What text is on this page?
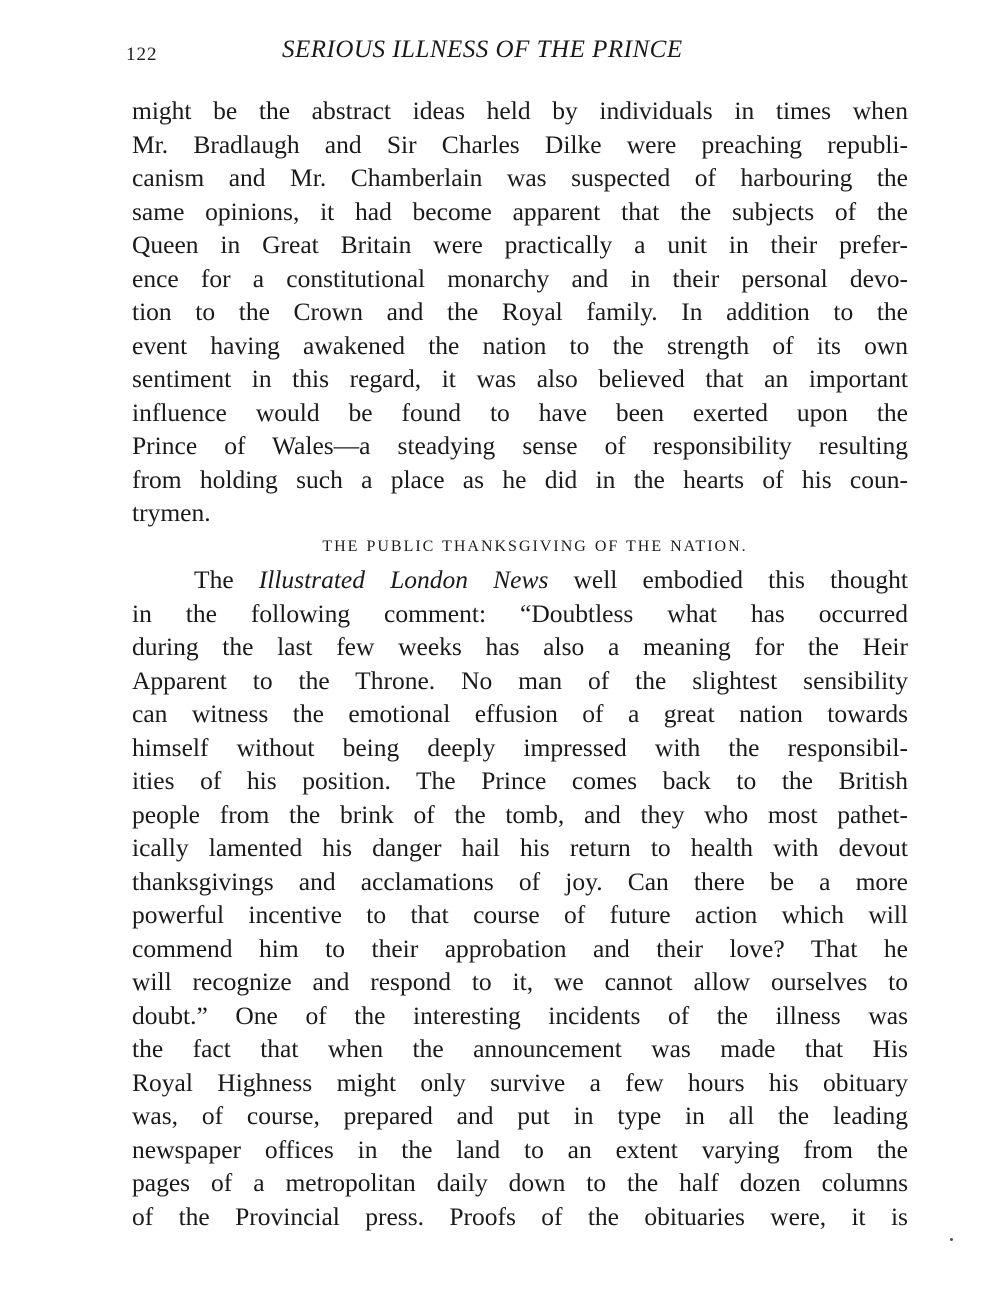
122	SERIOUS ILLNESS OF THE PRINCE
might be the abstract ideas held by individuals in times when
Mr. Bradlaugh and Sir Charles Dilke were preaching republi-
canism and Mr. Chamberlain was suspected of harbouring the
same opinions, it had become apparent that the subjects of the
Queen in Great Britain were practically a unit in their prefer-
ence for a constitutional monarchy and in their personal devo-
tion to the Crown and the Royal family. In addition to the
event having awakened the nation to the strength of its own
sentiment in this regard, it was also believed that an important
influence would be found to have been exerted upon the
Prince of Wales—a steadying sense of responsibility resulting
from holding such a place as he did in the hearts of his coun-
trymen.
THE PUBLIC THANKSGIVING OF THE NATION.
The Illustrated London News well embodied this thought
in the following comment: “Doubtless what has occurred
during the last few weeks has also a meaning for the Heir
Apparent to the Throne. No man of the slightest sensibility
can witness the emotional effusion of a great nation towards
himself without being deeply impressed with the responsibil-
ities of his position. The Prince comes back to the British
people from the brink of the tomb, and they who most pathet-
ically lamented his danger hail his return to health with devout
thanksgivings and acclamations of joy. Can there be a more
powerful incentive to that course of future action which will
commend him to their approbation and their love? That he
will recognize and respond to it, we cannot allow ourselves to
doubt.” One of the interesting incidents of the illness was
the fact that when the announcement was made that His
Royal Highness might only survive a few hours his obituary
was, of course, prepared and put in type in all the leading
newspaper offices in the land to an extent varying from the
pages of a metropolitan daily down to the half dozen columns
of the Provincial press. Proofs of the obituaries were, it is
